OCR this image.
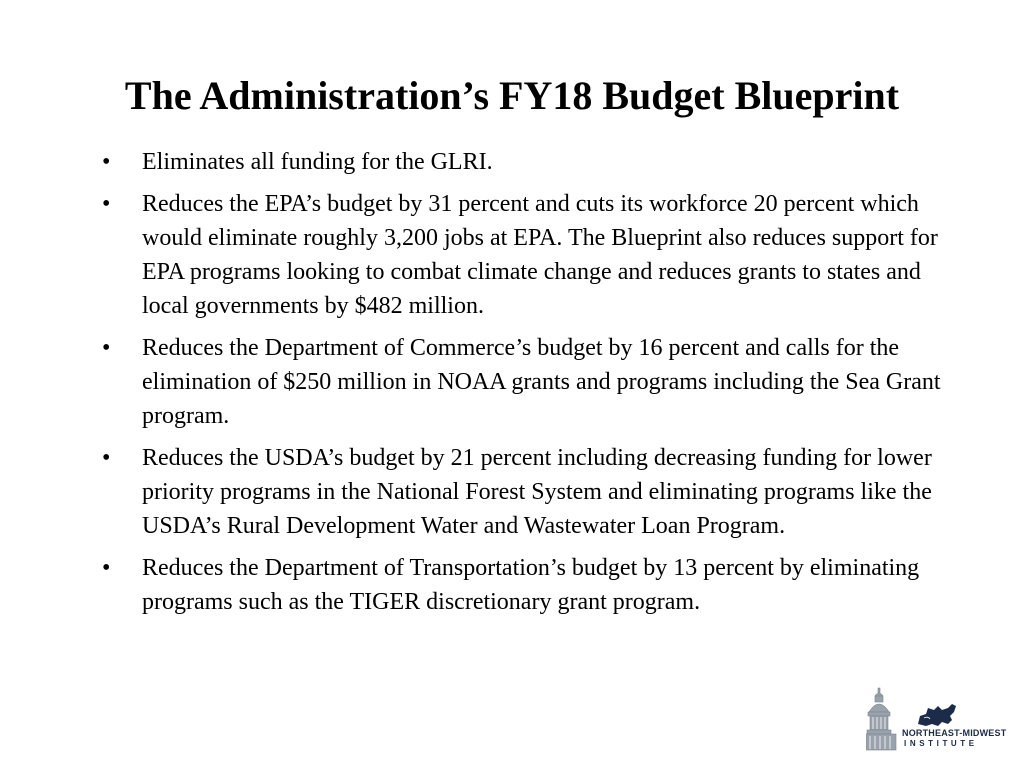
The Administration’s FY18 Budget Blueprint
•	Eliminates all funding for the GLRI.
•	Reduces the EPA’s budget by 31 percent and cuts its workforce 20 percent which would eliminate roughly 3,200 jobs at EPA. The Blueprint also reduces support for EPA programs looking to combat climate change and reduces grants to states and local governments by $482 million.
•	Reduces the Department of Commerce’s budget by 16 percent and calls for the elimination of $250 million in NOAA grants and programs including the Sea Grant program.
•	Reduces the USDA’s budget by 21 percent including decreasing funding for lower priority programs in the National Forest System and eliminating programs like the USDA’s Rural Development Water and Wastewater Loan Program.
•	Reduces the Department of Transportation’s budget by 13 percent by eliminating programs such as the TIGER discretionary grant program.
NORTHEAST-MIDWEST
INSTITUTE
